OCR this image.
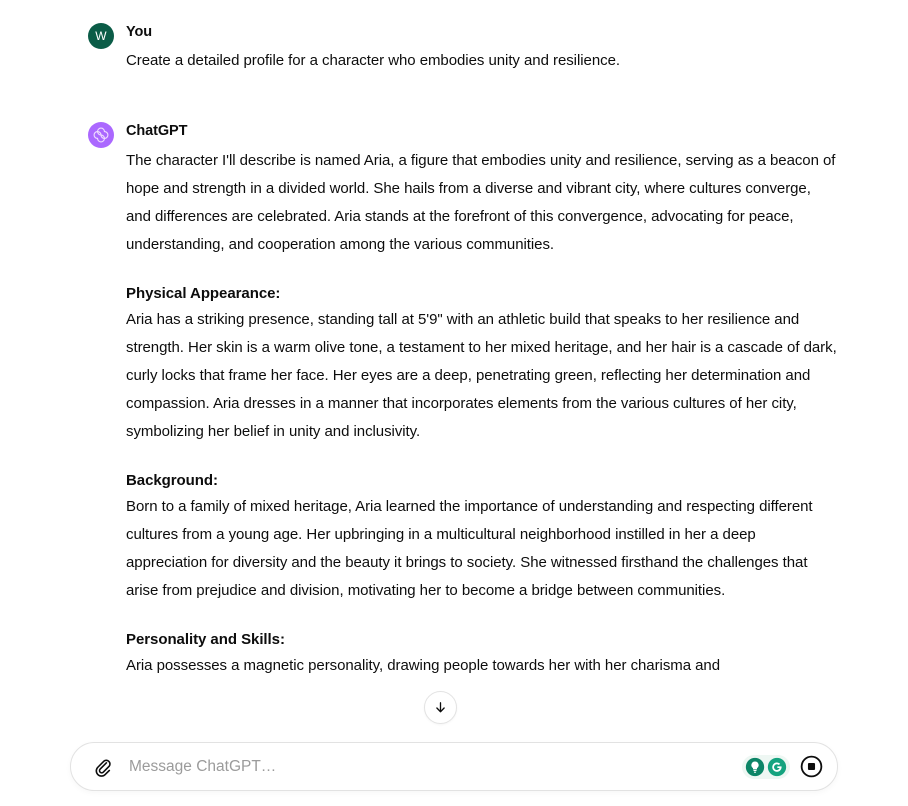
W You

Create a detailed profile for a character who embodies unity and resilience.

ChatGPT

The character I'll describe is named Aria, a figure that embodies unity and resilience, serving as a beacon of hope and strength in a divided world. She hails from a diverse and vibrant city, where cultures converge, and differences are celebrated. Aria stands at the forefront of this convergence, advocating for peace, understanding, and cooperation among the various communities.

Physical Appearance:

Aria has a striking presence, standing tall at 5'9" with an athletic build that speaks to her resilience and strength. Her skin is a warm olive tone, a testament to her mixed heritage, and her hair is a cascade of dark, curly locks that frame her face. Her eyes are a deep, penetrating green, reflecting her determination and compassion. Aria dresses in a manner that incorporates elements from the various cultures of her city, symbolizing her belief in unity and inclusivity.

Background:

Born to a family of mixed heritage, Aria learned the importance of understanding and respecting different cultures from a young age. Her upbringing in a multicultural neighborhood instilled in her a deep appreciation for diversity and the beauty it brings to society. She witnessed firsthand the challenges that arise from prejudice and division, motivating her to become a bridge between communities.

Personality and Skills:

Aria possesses a magnetic personality, drawing people towards her with her charisma and

Message ChatGPT…
